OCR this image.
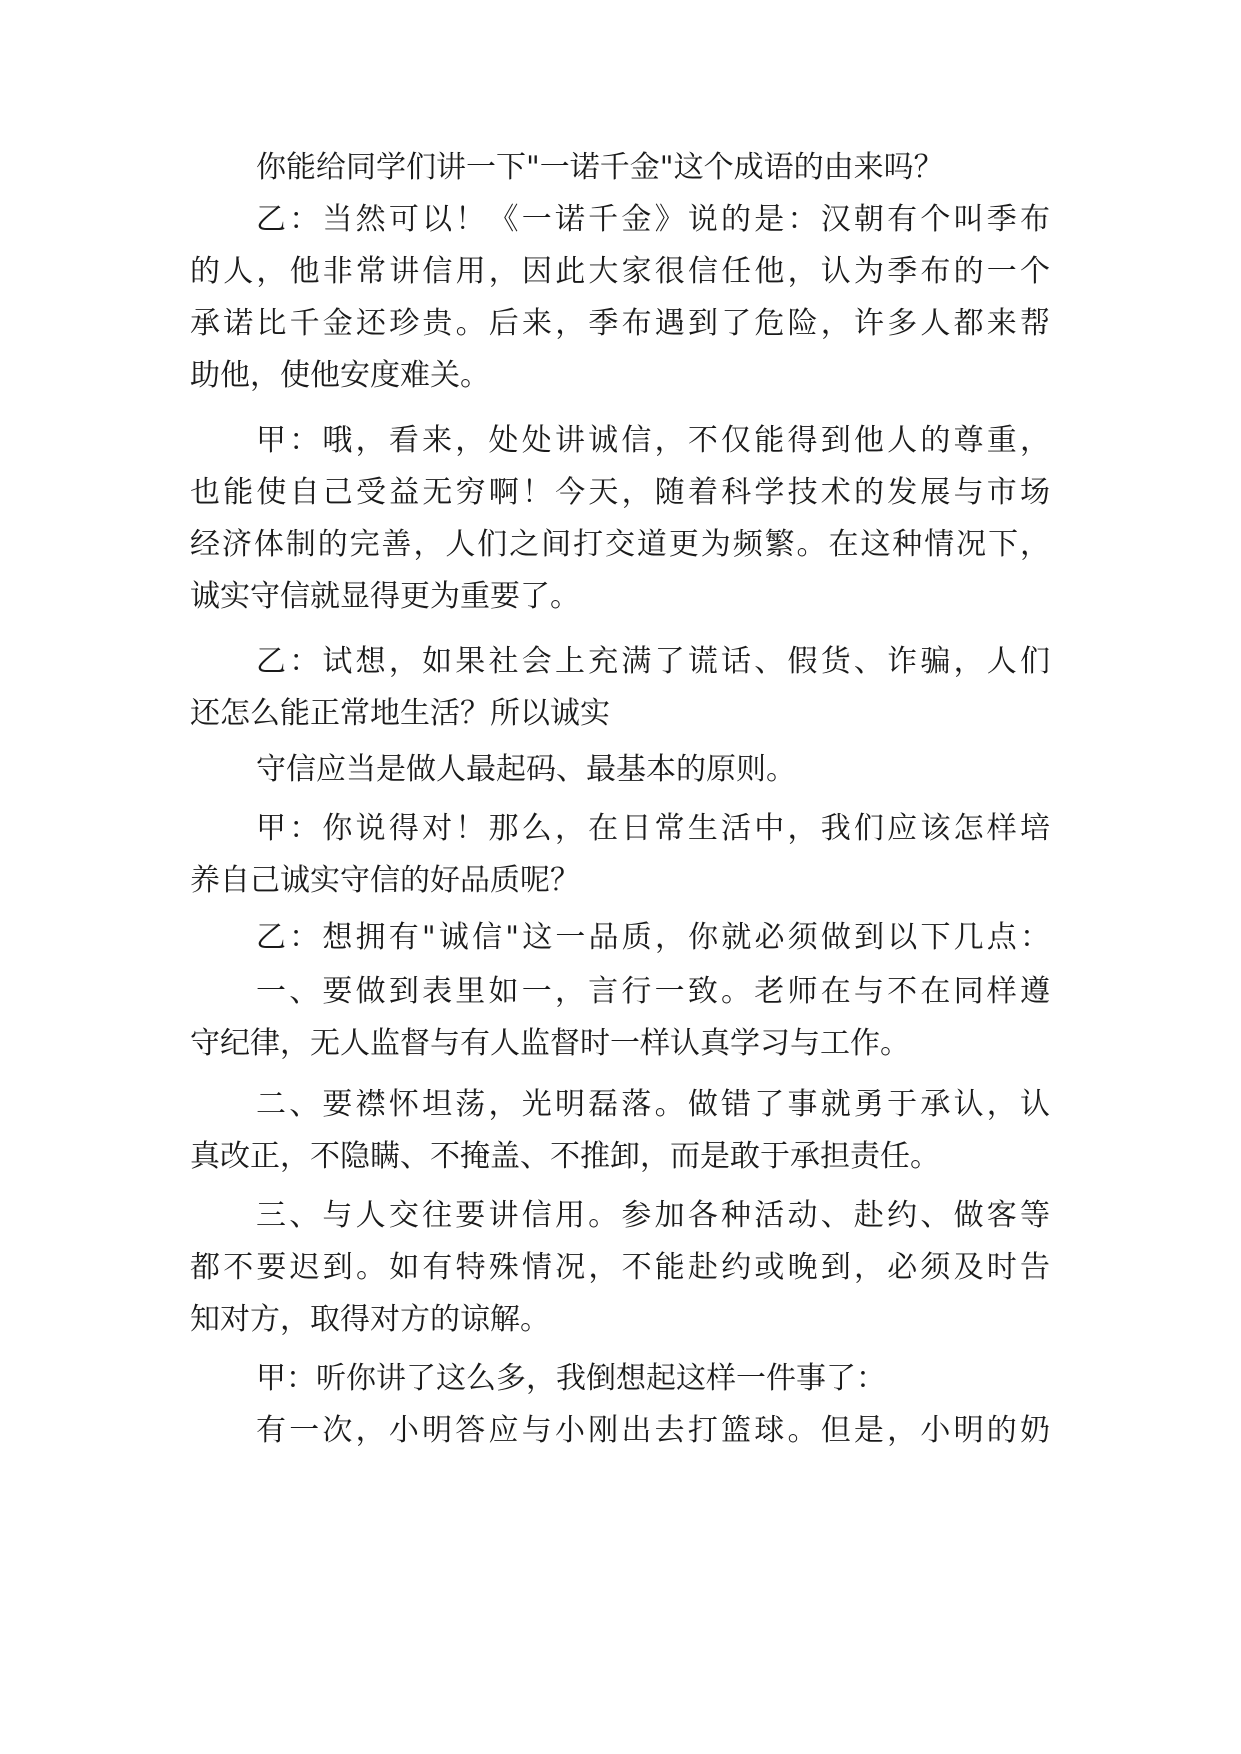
你能给同学们讲一下"一诺千金"这个成语的由来吗？

乙：当然可以！《一诺千金》说的是：汉朝有个叫季布

的人，他非常讲信用，因此大家很信任他，认为季布的一个

承诺比千金还珍贵。后来，季布遇到了危险，许多人都来帮

助他，使他安度难关。

甲：哦，看来，处处讲诚信，不仅能得到他人的尊重，

也能使自己受益无穷啊！今天，随着科学技术的发展与市场

经济体制的完善，人们之间打交道更为频繁。在这种情况下，

诚实守信就显得更为重要了。

乙：试想，如果社会上充满了谎话、假货、诈骗，人们

还怎么能正常地生活？所以诚实

守信应当是做人最起码、最基本的原则。

甲：你说得对！那么，在日常生活中，我们应该怎样培

养自己诚实守信的好品质呢？

乙：想拥有"诚信"这一品质，你就必须做到以下几点：

一、要做到表里如一，言行一致。老师在与不在同样遵

守纪律，无人监督与有人监督时一样认真学习与工作。

二、要襟怀坦荡，光明磊落。做错了事就勇于承认，认

真改正，不隐瞒、不掩盖、不推卸，而是敢于承担责任。

三、与人交往要讲信用。参加各种活动、赴约、做客等

都不要迟到。如有特殊情况，不能赴约或晚到，必须及时告

知对方，取得对方的谅解。

甲：听你讲了这么多，我倒想起这样一件事了：

有一次，小明答应与小刚出去打篮球。但是，小明的奶
